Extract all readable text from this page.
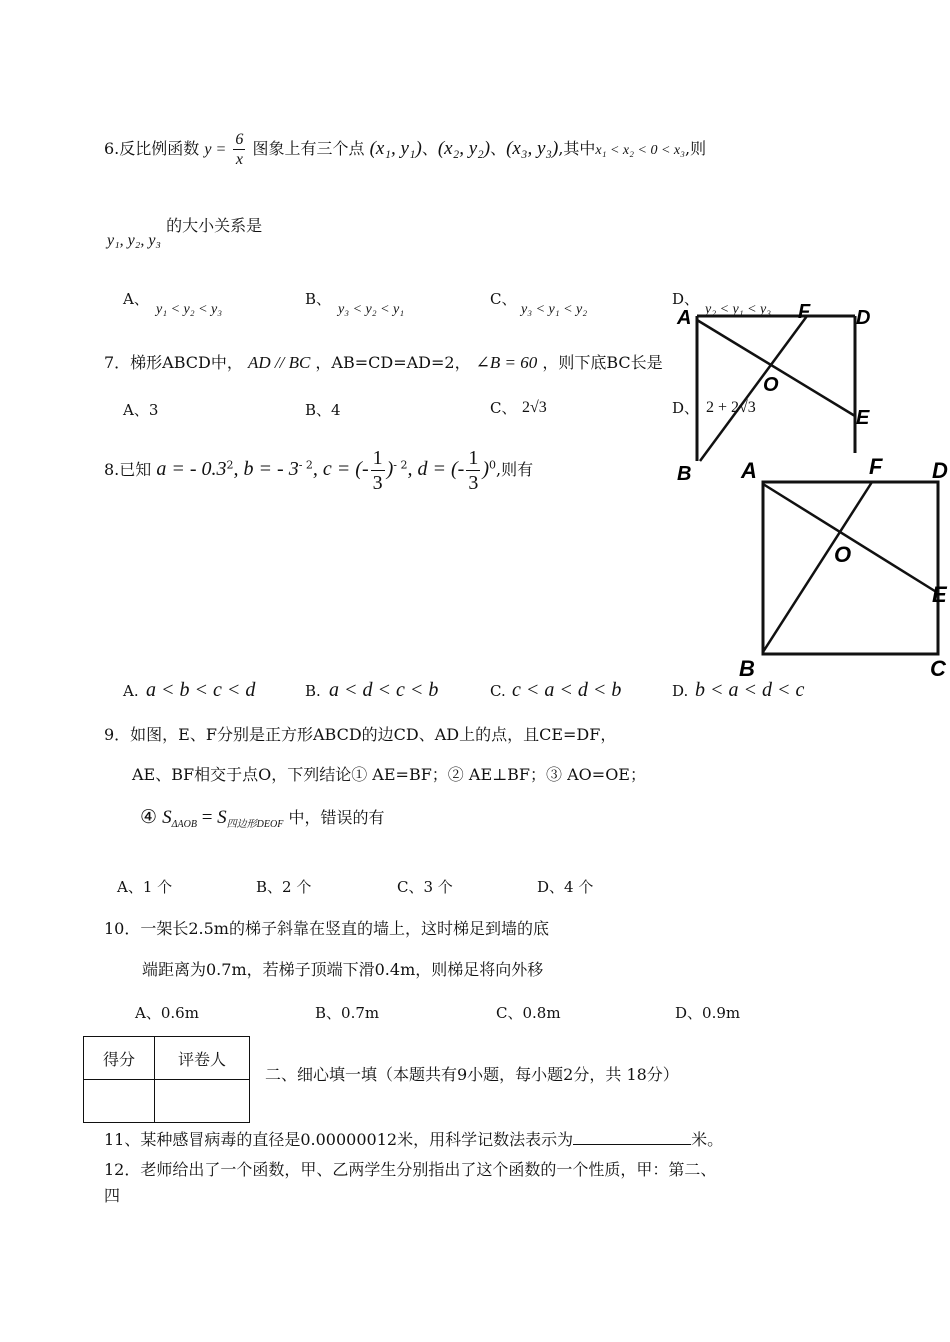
6.反比例函数 $y = \frac{6}{x}$ 图象上有三个点 (x₁, y₁)、(x₂, y₂)、(x₃, y₃),其中x₁ < x₂ < 0 < x₃,则
y₁, y₂, y₃ 的大小关系是
A、
y₁ < y₂ < y₃
B、
y₃ < y₂ < y₁
C、
y₃ < y₁ < y₂
D、
y₂ < y₁ < y₃
7．梯形ABCD中， AD // BC ，AB=CD=AD=2， ∠B = 60 ，则下底BC长是
A、3	B、4	C、 2√3	D、 2 + 2√3
8.已知 a = - $0.3^2$, b = - $3^{- 2}$, c = (- $\frac{1}{3} )^{- 2}$, d = (- $\frac{1}{3} )^0$,则有
A. a < b < c < d	B. a < d < c < b	C. c < a < d < b	D. b < a < d < c
A	F D
O
E
B A	F D
O
E
B	C
9．如图，E、F分别是正方形ABCD的边CD、AD上的点，且CE=DF，
AE、BF相交于点O，下列结论① AE=BF；② AE⊥BF；③ AO=OE；
④ $S_{\Delta AOB} = S_{四边形DEOF}$ 中，错误的有
A、1 个	B、2 个	C、3 个	D、4 个
10．一架长2.5m的梯子斜靠在竖直的墙上，这时梯足到墙的底
端距离为0.7m，若梯子顶端下滑0.4m，则梯足将向外移
A、0.6m	B、0.7m	C、0.8m	D、0.9m
得分	评卷人

二、细心填一填（本题共有9小题，每小题2分，共 18分）
11、某种感冒病毒的直径是0.00000012米，用科学记数法表示为	米。
12．老师给出了一个函数，甲、乙两学生分别指出了这个函数的一个性质，甲：第二、
四
